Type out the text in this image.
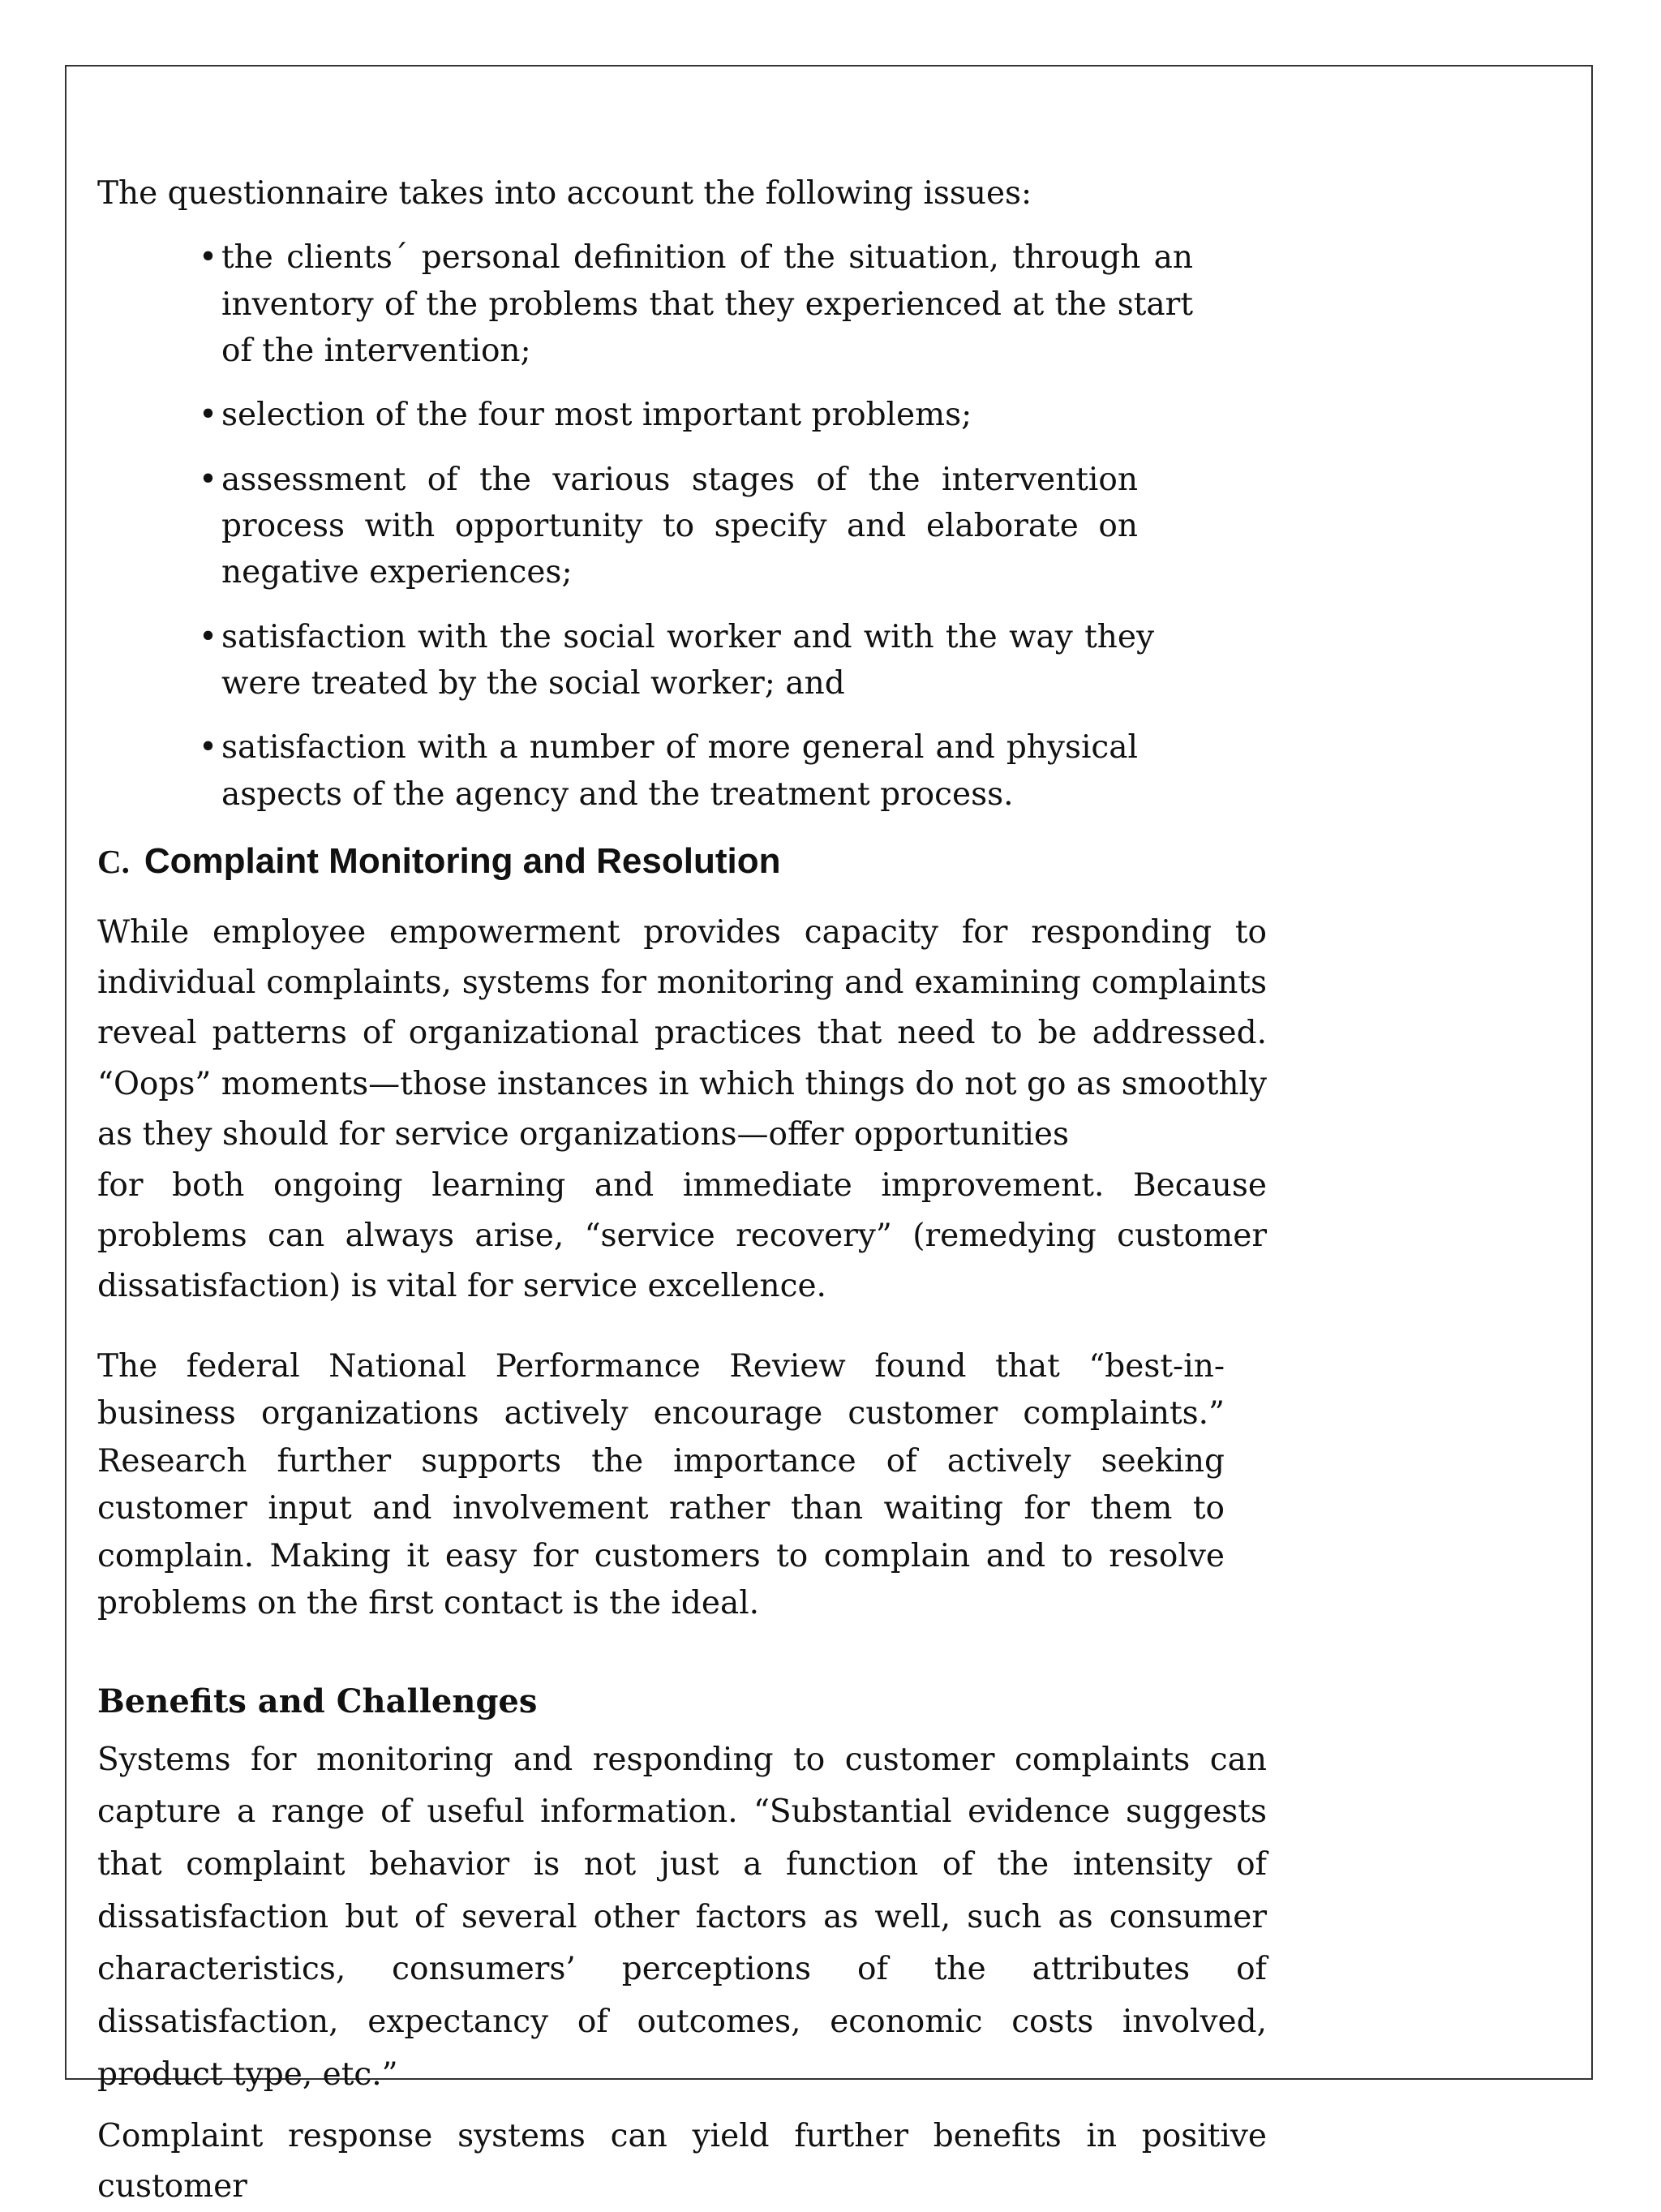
The questionnaire takes into account the following issues:

• the clients´ personal definition of the situation, through an inventory of the problems that they experienced at the start of the intervention;
• selection of the four most important problems;
• assessment of the various stages of the intervention process with opportunity to specify and elaborate on negative experiences;
• satisfaction with the social worker and with the way they were treated by the social worker; and
• satisfaction with a number of more general and physical aspects of the agency and the treatment process.
C. Complaint Monitoring and Resolution

While employee empowerment provides capacity for responding to individual complaints, systems for monitoring and examining complaints reveal patterns of organizational practices that need to be addressed. “Oops” moments—those instances in which things do not go as smoothly as they should for service organizations—offer opportunities

for both ongoing learning and immediate improvement. Because problems can always arise, “service recovery” (remedying customer dissatisfaction) is vital for service excellence.

The federal National Performance Review found that “best-in-business organizations actively encourage customer complaints.” Research further supports the importance of actively seeking customer input and involvement rather than waiting for them to complain. Making it easy for customers to complain and to resolve problems on the first contact is the ideal.

Benefits and Challenges

Systems for monitoring and responding to customer complaints can capture a range of useful information. “Substantial evidence suggests that complaint behavior is not just a function of the intensity of dissatisfaction but of several other factors as well, such as consumer characteristics, consumers’ perceptions of the attributes of dissatisfaction, expectancy of outcomes, economic costs involved, product type, etc.”

Complaint response systems can yield further benefits in positive customer
